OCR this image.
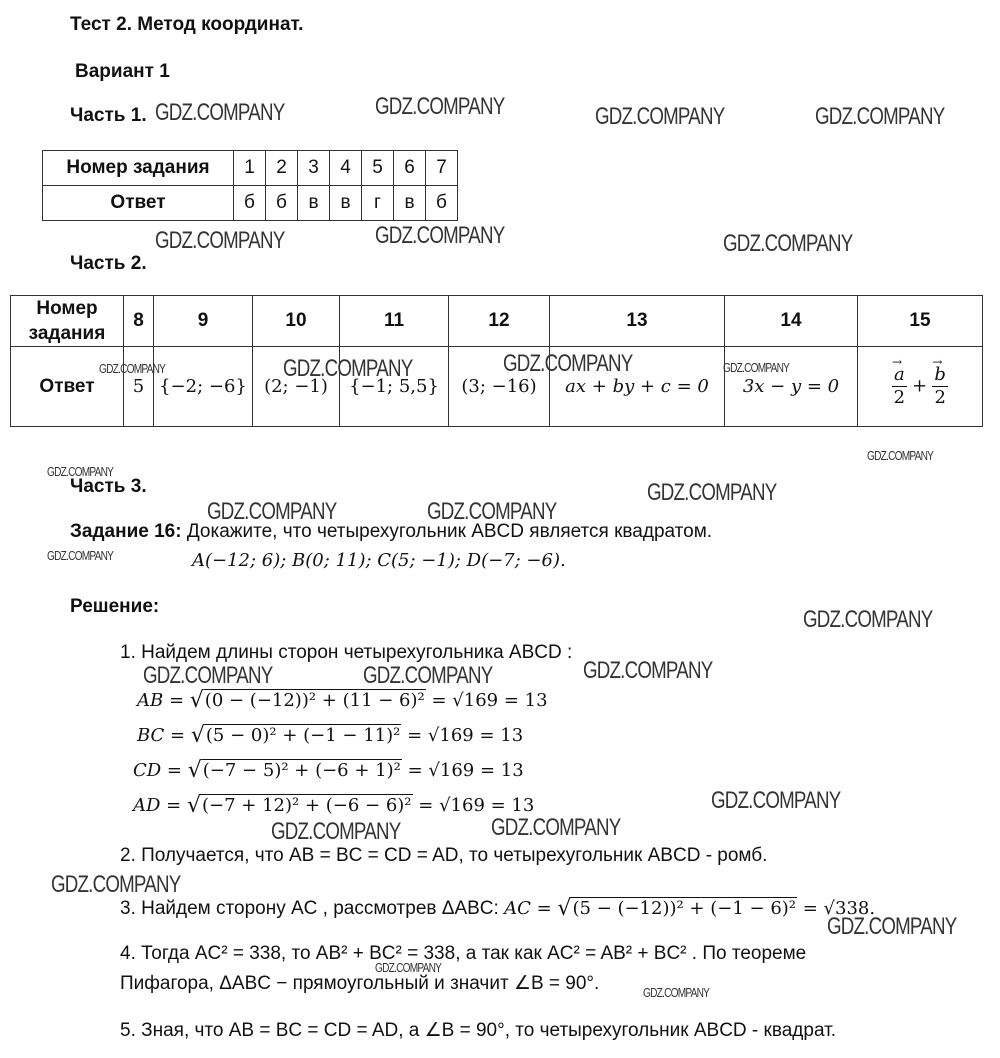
Тест 2. Метод координат.
Вариант 1
Часть 1.
Номер задания	1	2	3	4	5	6	7
Ответ	б	б	в	в	г	в	б
Часть 2.
Номер задания	8	9	10	11	12	13	14	15
Ответ	5	{−2; −6}	(2; −1)	{−1; 5,5}	(3; −16)	ax + by + c = 0	3x − y = 0	→ $\frac{a}{2}$ + → $\frac{b}{2}$
Часть 3.
Задание 16: Докажите, что четырехугольник ABCD является квадратом.
A(−12; 6); B(0; 11); C(5; −1); D(−7; −6).
Решение:
1. Найдем длины сторон четырехугольника ABCD :
AB = √(0 − (−12))² + (11 − 6)² = √169 = 13
BC = √(5 − 0)² + (−1 − 11)² = √169 = 13
CD = √(−7 − 5)² + (−6 + 1)² = √169 = 13
AD = √(−7 + 12)² + (−6 − 6)² = √169 = 13
2. Получается, что AB = BC = CD = AD, то четырехугольник ABCD - ромб.
3. Найдем сторону AC , рассмотрев ΔABC: AC = √(5 − (−12))² + (−1 − 6)² = √338.
4. Тогда AC² = 338, то AB² + BC² = 338, а так как AC² = AB² + BC² . По теореме
Пифагора, ΔABC − прямоугольный и значит ∠B = 90°.
5. Зная, что AB = BC = CD = AD, а ∠B = 90°, то четырехугольник ABCD - квадрат.
GDZ.COMPANY	GDZ.COMPANY	GDZ.COMPANY	GDZ.COMPANY
GDZ.COMPANY	GDZ.COMPANY	GDZ.COMPANY
GDZ.COMPANY	GDZ.COMPANY	GDZ.COMPANY	GDZ.COMPANY
GDZ.COMPANY
GDZ.COMPANY
GDZ.COMPANY
GDZ.COMPANY	GDZ.COMPANY
GDZ.COMPANY
GDZ.COMPANY
GDZ.COMPANY	GDZ.COMPANY	GDZ.COMPANY
GDZ.COMPANY
GDZ.COMPANY	GDZ.COMPANY
GDZ.COMPANY
GDZ.COMPANY
GDZ.COMPANY
GDZ.COMPANY
